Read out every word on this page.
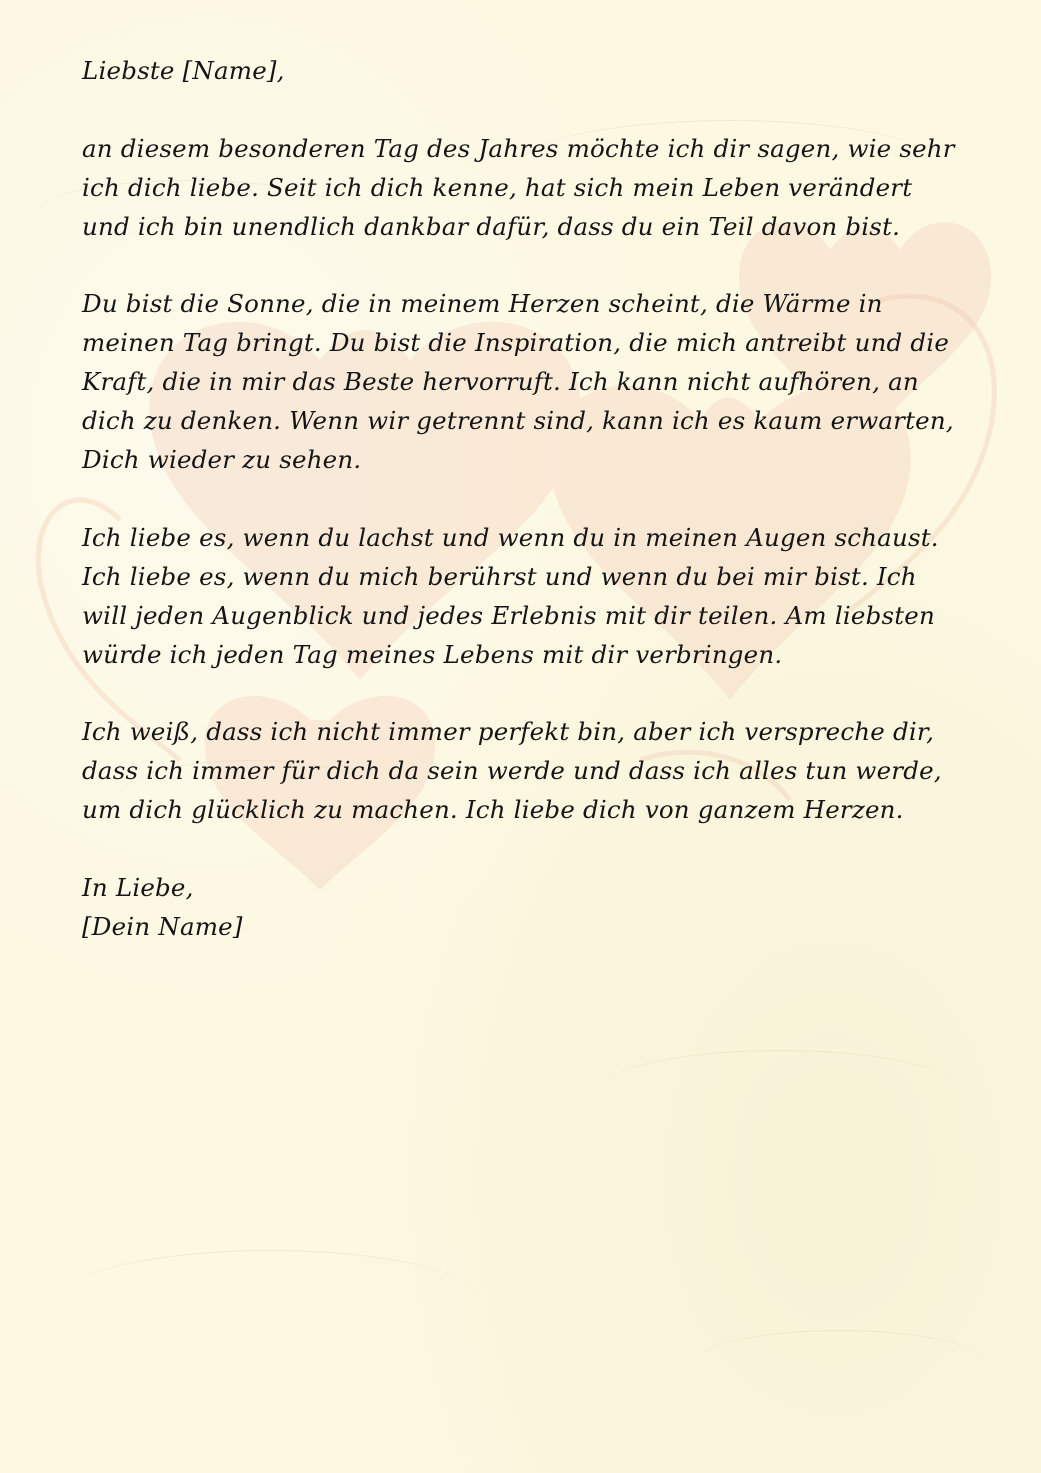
Liebste [Name],

an diesem besonderen Tag des Jahres möchte ich dir sagen, wie sehr ich dich liebe. Seit ich dich kenne, hat sich mein Leben verändert und ich bin unendlich dankbar dafür, dass du ein Teil davon bist.

Du bist die Sonne, die in meinem Herzen scheint, die Wärme in meinen Tag bringt. Du bist die Inspiration, die mich antreibt und die Kraft, die in mir das Beste hervorruft. Ich kann nicht aufhören, an dich zu denken. Wenn wir getrennt sind, kann ich es kaum erwarten, Dich wieder zu sehen.

Ich liebe es, wenn du lachst und wenn du in meinen Augen schaust. Ich liebe es, wenn du mich berührst und wenn du bei mir bist. Ich will jeden Augenblick und jedes Erlebnis mit dir teilen. Am liebsten würde ich jeden Tag meines Lebens mit dir verbringen.

Ich weiß, dass ich nicht immer perfekt bin, aber ich verspreche dir, dass ich immer für dich da sein werde und dass ich alles tun werde, um dich glücklich zu machen. Ich liebe dich von ganzem Herzen.

In Liebe,

[Dein Name]
